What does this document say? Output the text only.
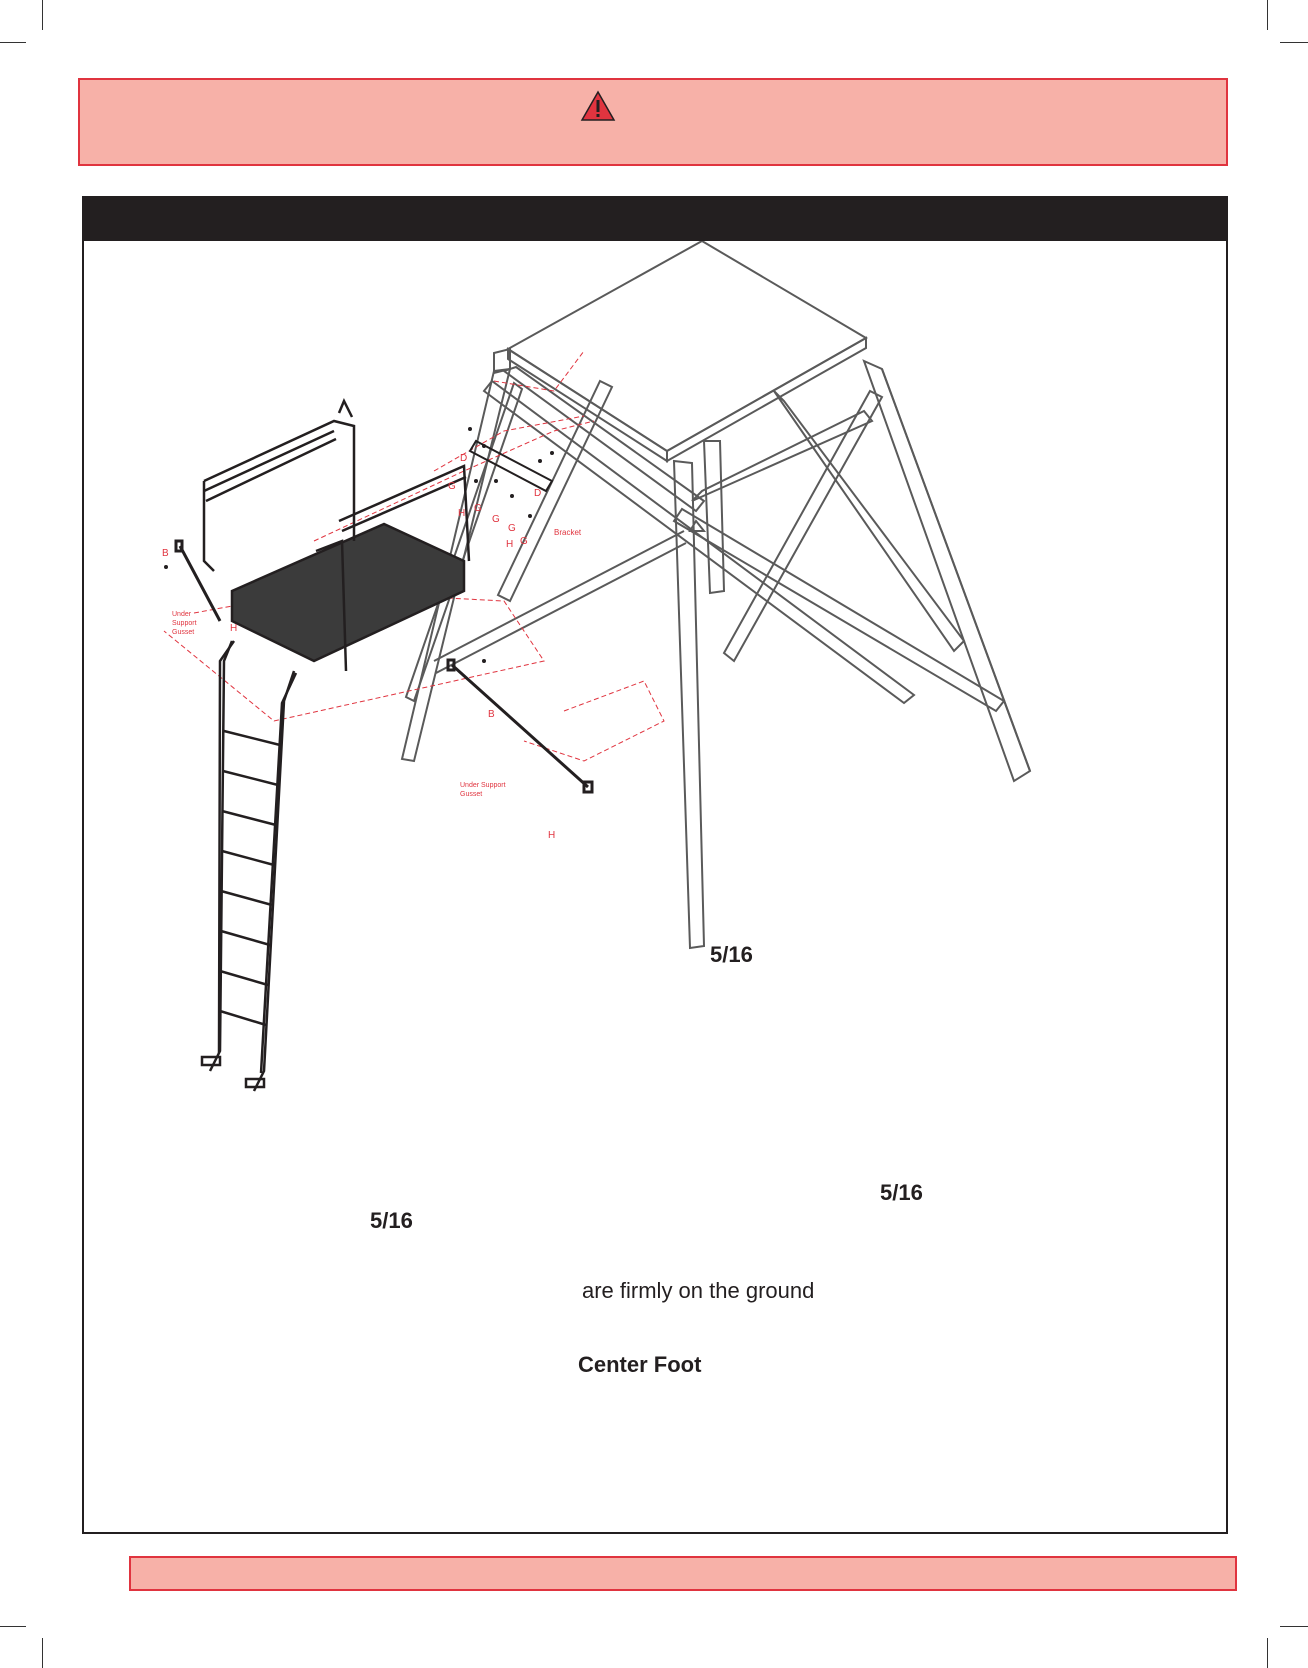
D
D
G
G
G
G
G
H
H
H
H
B
B
Bracket
Under
Support
Gusset
Under Support
Gusset
5/16
5/16
5/16
are firmly on the ground
Center Foot
